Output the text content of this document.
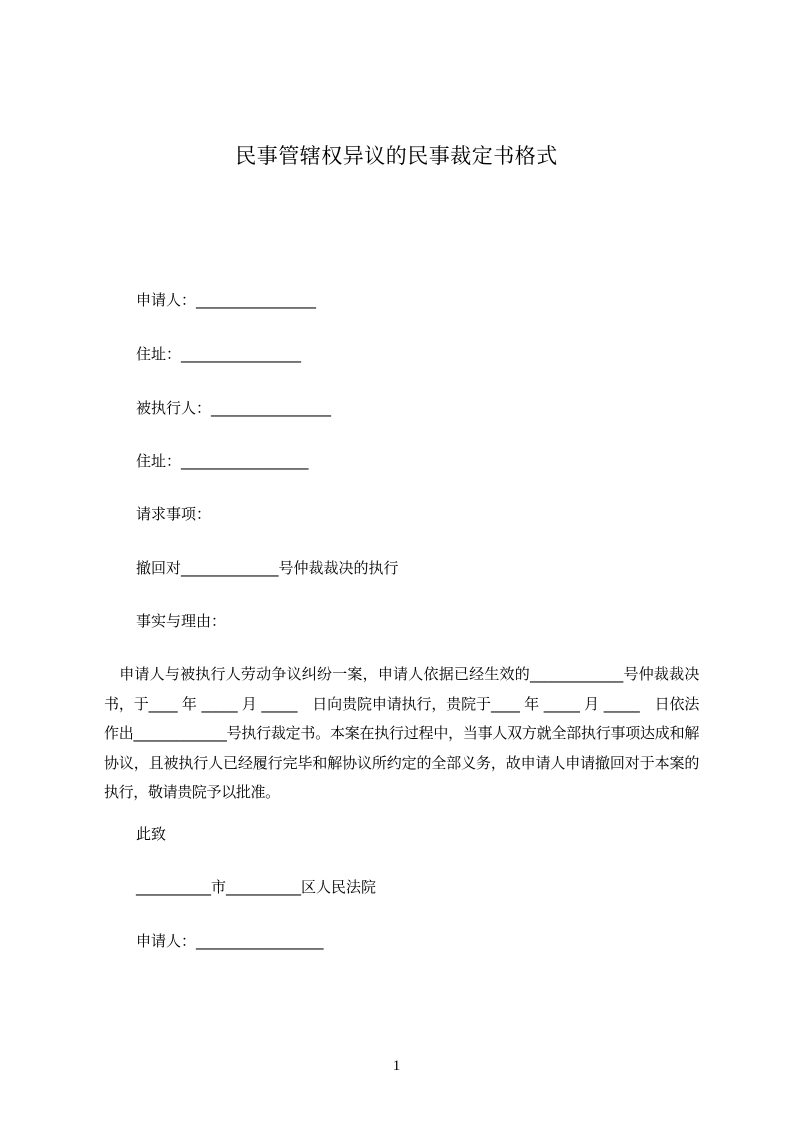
民事管辖权异议的民事裁定书格式
申请人：________________
住址：________________
被执行人：________________
住址：_________________
请求事项：
撤回对_____________号仲裁裁决的执行
事实与理由：
　申请人与被执行人劳动争议纠纷一案，申请人依据已经生效的_____________号仲裁裁决书，于____ 年 _____ 月 _____　日向贵院申请执行，贵院于____ 年 _____ 月 _____　日依法作出_____________号执行裁定书。本案在执行过程中，当事人双方就全部执行事项达成和解协议，且被执行人已经履行完毕和解协议所约定的全部义务，故申请人申请撤回对于本案的执行，敬请贵院予以批准。
此致
__________市__________区人民法院
申请人：_________________
1
